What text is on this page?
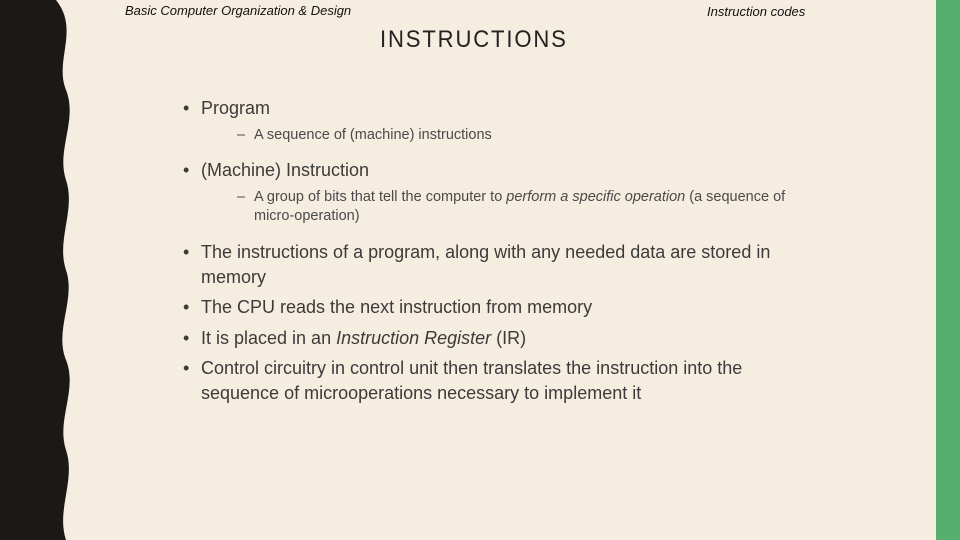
Basic Computer Organization & Design	Instruction codes
INSTRUCTIONS
• Program
– A sequence of (machine) instructions
• (Machine) Instruction
– A group of bits that tell the computer to perform a specific operation (a sequence of micro-operation)
• The instructions of a program, along with any needed data are stored in memory
• The CPU reads the next instruction from memory
• It is placed in an Instruction Register (IR)
• Control circuitry in control unit then translates the instruction into the sequence of microoperations necessary to implement it
